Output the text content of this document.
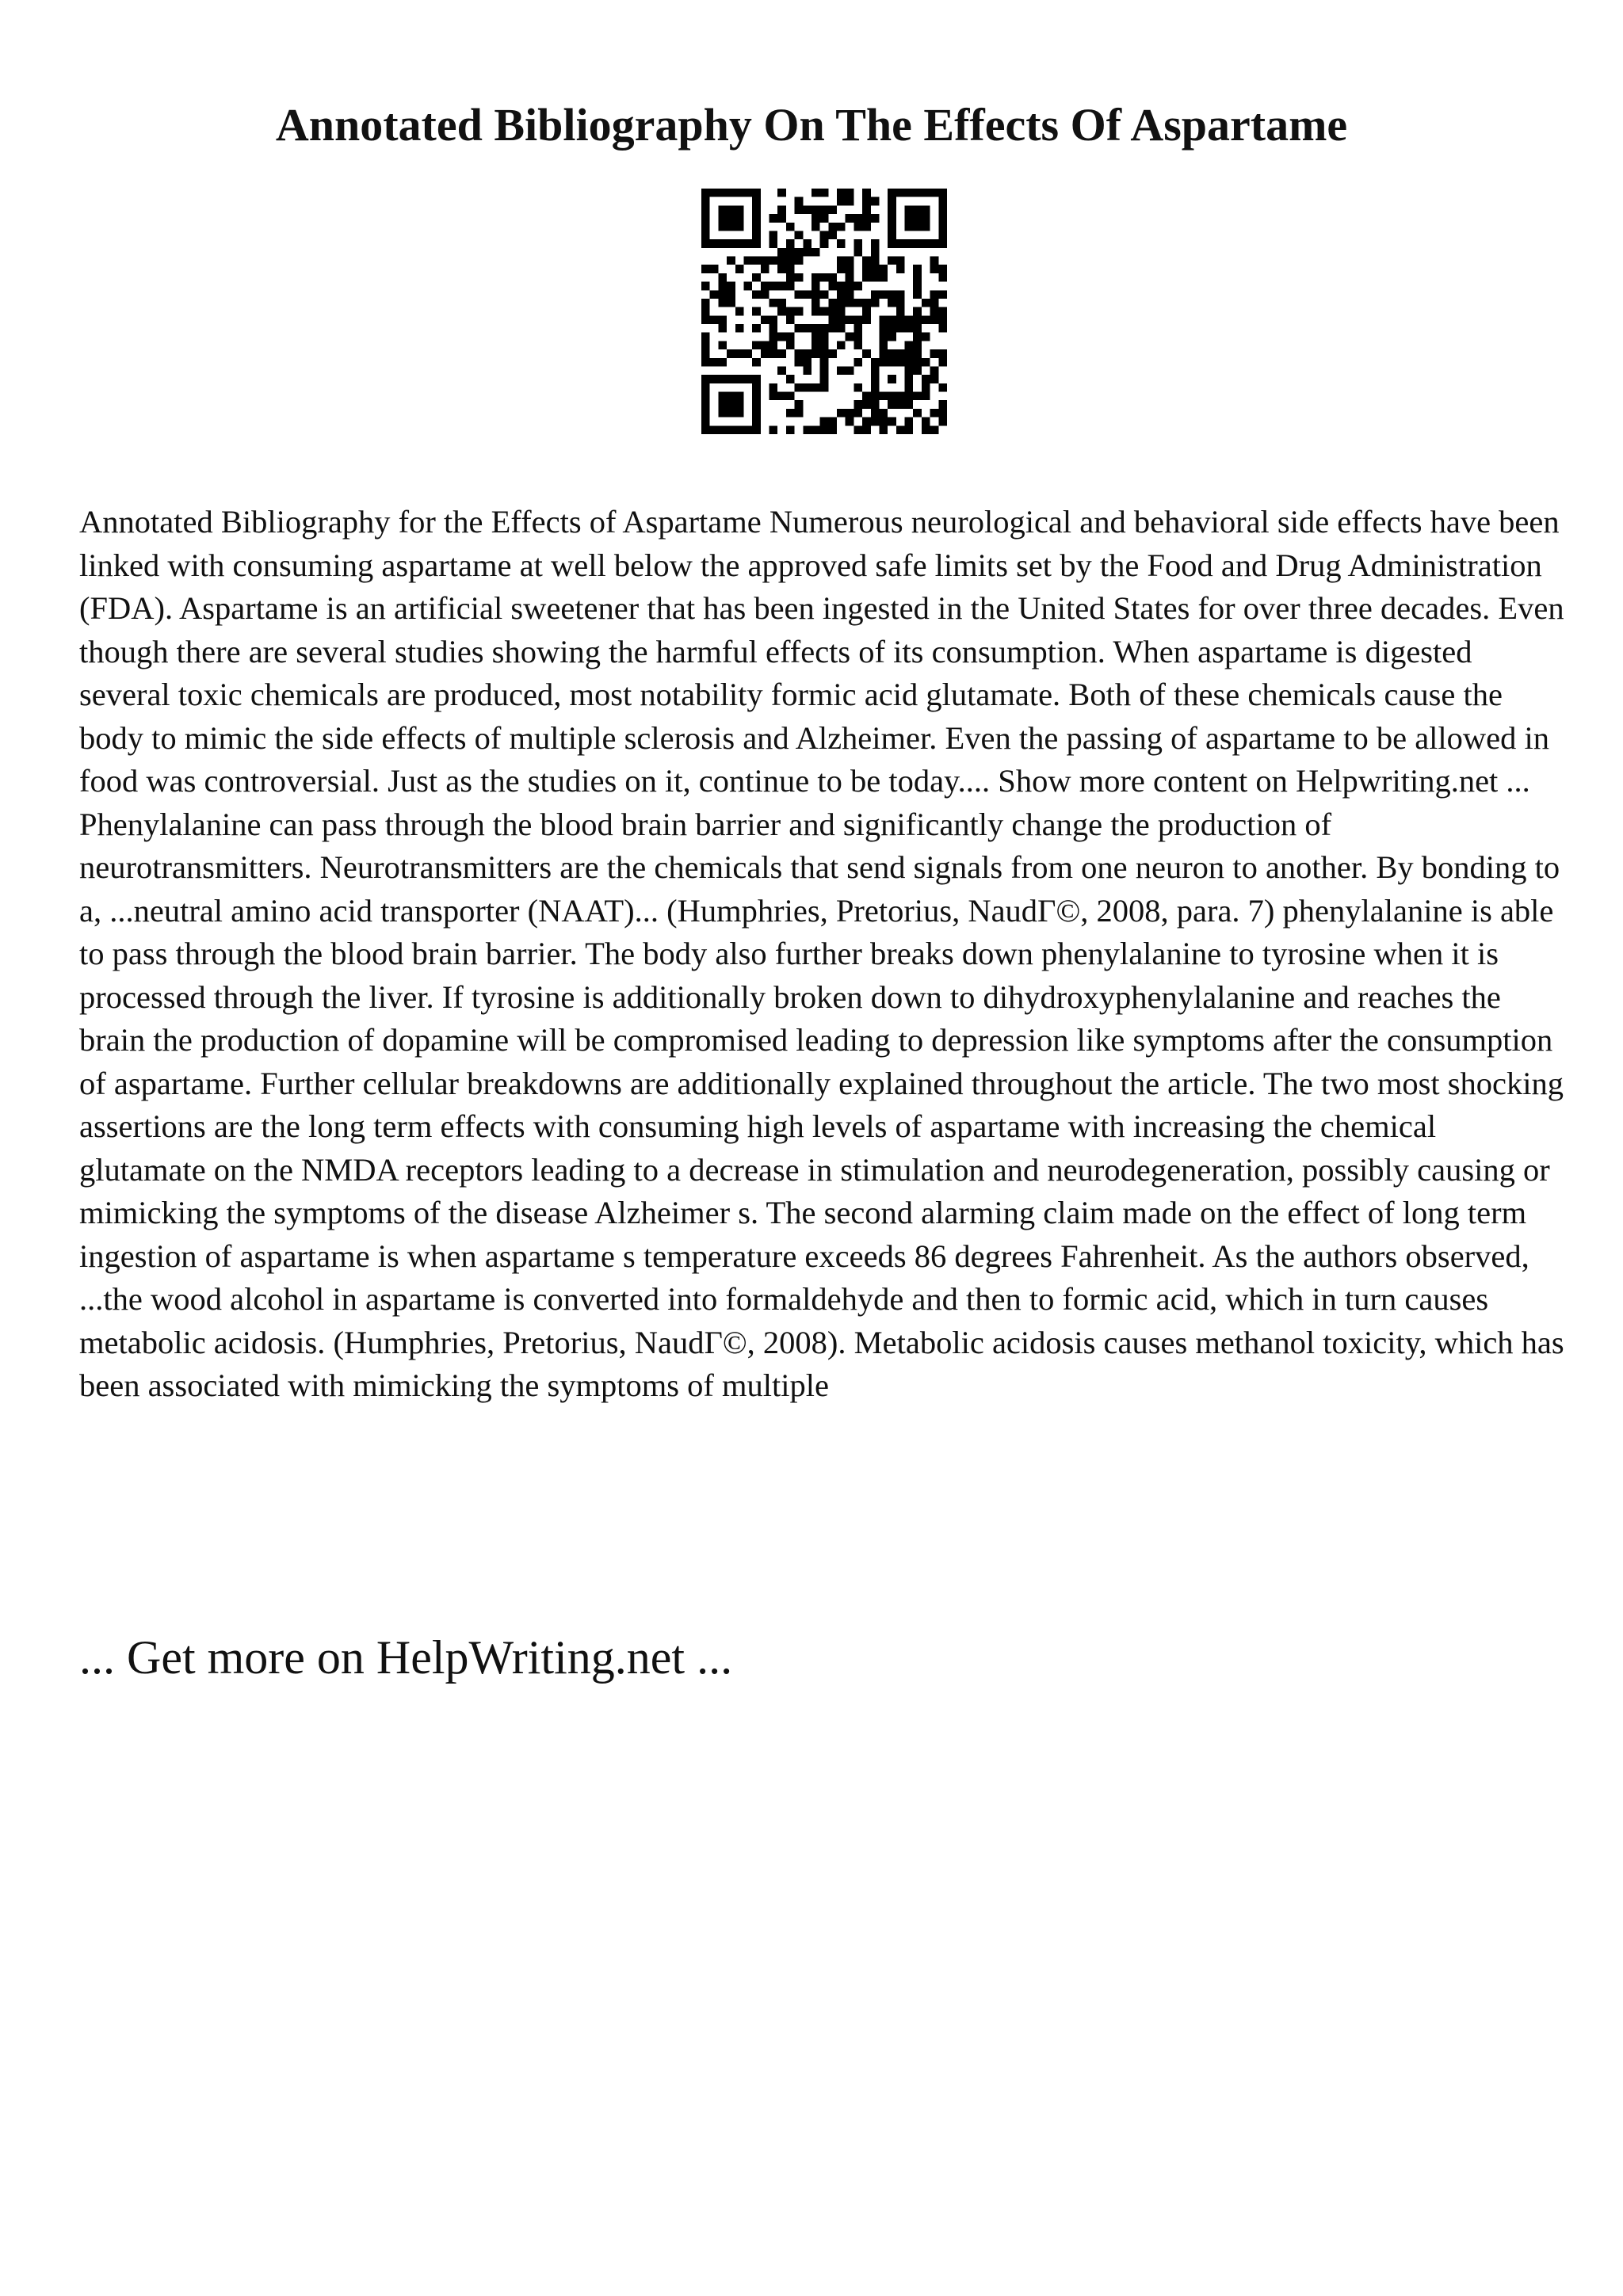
Annotated Bibliography On The Effects Of Aspartame

Annotated Bibliography for the Effects of Aspartame Numerous neurological and behavioral side effects have been linked with consuming aspartame at well below the approved safe limits set by the Food and Drug Administration (FDA). Aspartame is an artificial sweetener that has been ingested in the United States for over three decades. Even though there are several studies showing the harmful effects of its consumption. When aspartame is digested several toxic chemicals are produced, most notability formic acid glutamate. Both of these chemicals cause the body to mimic the side effects of multiple sclerosis and Alzheimer. Even the passing of aspartame to be allowed in food was controversial. Just as the studies on it, continue to be today.... Show more content on Helpwriting.net ...

Phenylalanine can pass through the blood brain barrier and significantly change the production of neurotransmitters. Neurotransmitters are the chemicals that send signals from one neuron to another. By bonding to a, ...neutral amino acid transporter (NAAT)... (Humphries, Pretorius, NaudГ©, 2008, para. 7) phenylalanine is able to pass through the blood brain barrier. The body also further breaks down phenylalanine to tyrosine when it is processed through the liver. If tyrosine is additionally broken down to dihydroxyphenylalanine and reaches the brain the production of dopamine will be compromised leading to depression like symptoms after the consumption of aspartame. Further cellular breakdowns are additionally explained throughout the article. The two most shocking assertions are the long term effects with consuming high levels of aspartame with increasing the chemical glutamate on the NMDA receptors leading to a decrease in stimulation and neurodegeneration, possibly causing or mimicking the symptoms of the disease Alzheimer s. The second alarming claim made on the effect of long term ingestion of aspartame is when aspartame s temperature exceeds 86 degrees Fahrenheit. As the authors observed, ...the wood alcohol in aspartame is converted into formaldehyde and then to formic acid, which in turn causes metabolic acidosis. (Humphries, Pretorius, NaudГ©, 2008). Metabolic acidosis causes methanol toxicity, which has been associated with mimicking the symptoms of multiple

... Get more on HelpWriting.net ...
